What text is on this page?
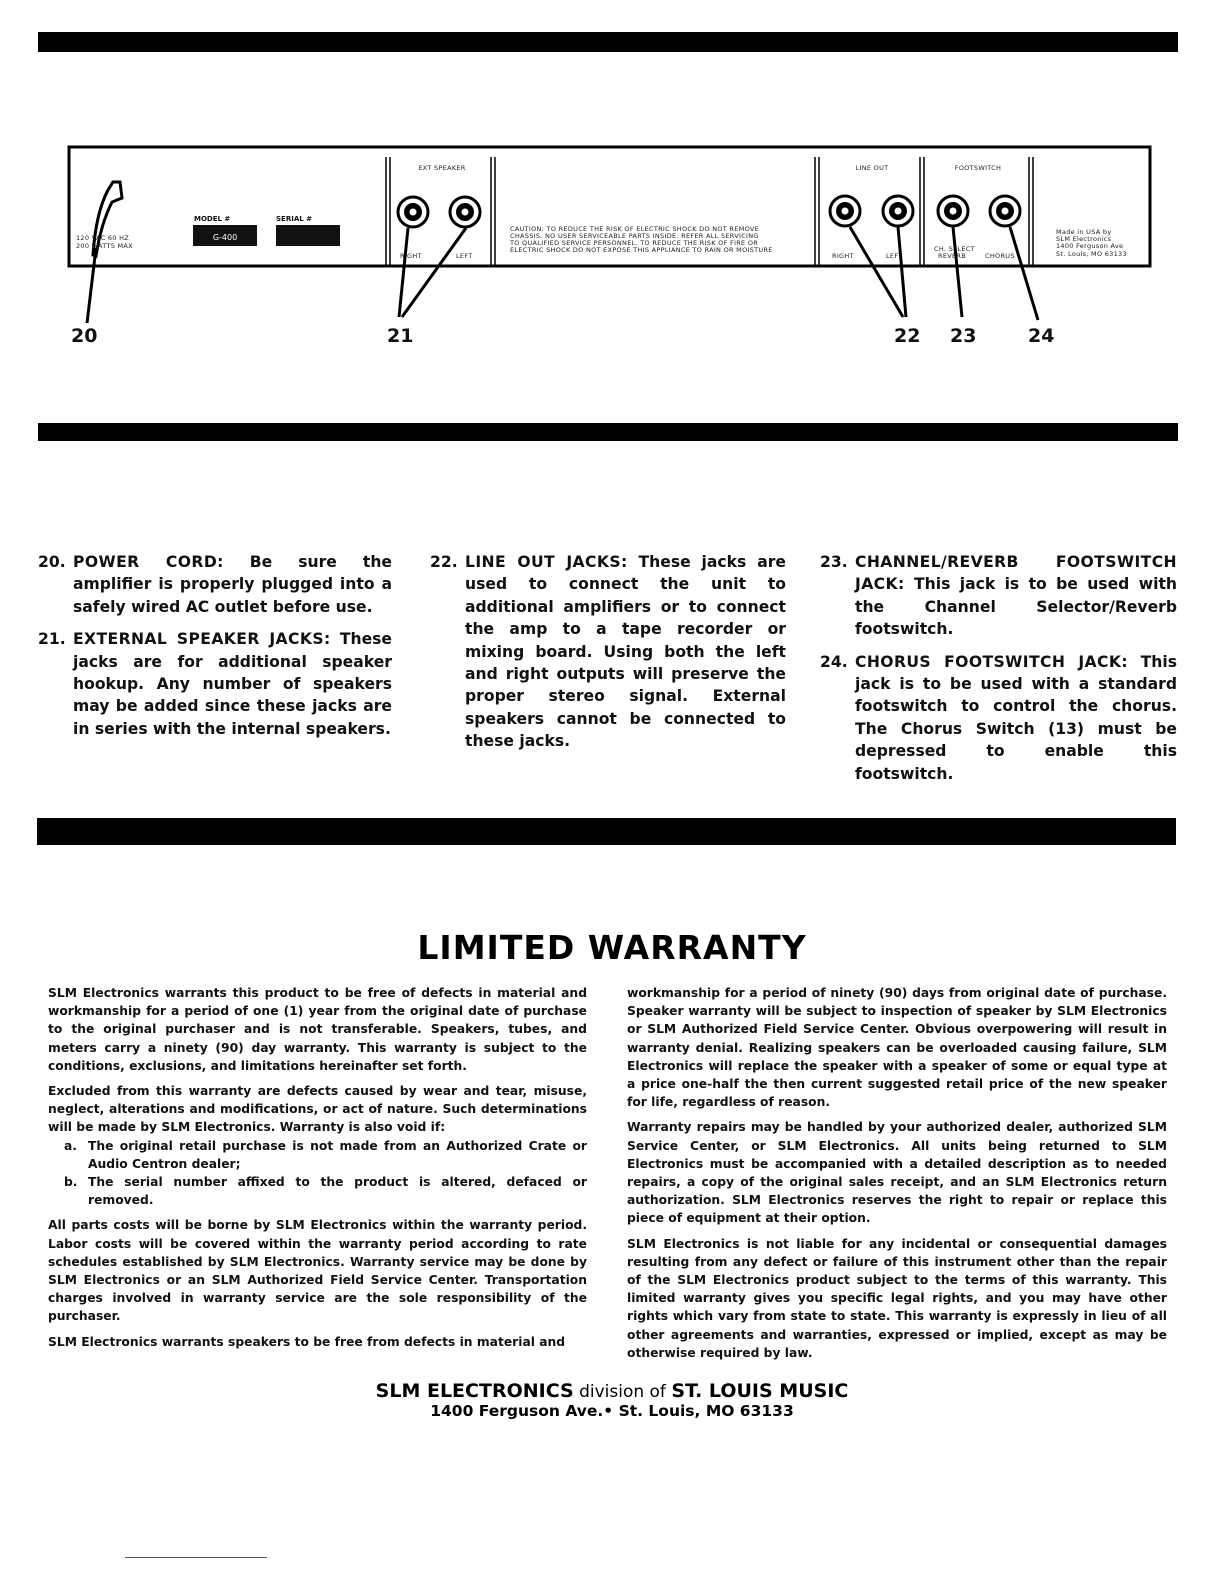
120 VAC 60 HZ
200 WATTS MAX
MODEL #
G-400
SERIAL #
EXT SPEAKER
RIGHT	LEFT
CAUTION: TO REDUCE THE RISK OF ELECTRIC SHOCK DO NOT REMOVE
CHASSIS. NO USER SERVICEABLE PARTS INSIDE. REFER ALL SERVICING
TO QUALIFIED SERVICE PERSONNEL. TO REDUCE THE RISK OF FIRE OR
ELECTRIC SHOCK DO NOT EXPOSE THIS APPLIANCE TO RAIN OR MOISTURE
LINE OUT
RIGHT	LEFT
FOOTSWITCH
CH. SELECT
REVERB	CHORUS
Made in USA by
SLM Electronics
1400 Ferguson Ave
St. Louis, MO 63133
20	21	22 23	24
20. POWER CORD: Be sure the amplifier is properly plugged into a safely wired AC outlet before use.
21. EXTERNAL SPEAKER JACKS: These jacks are for additional speaker hookup. Any number of speakers may be added since these jacks are in series with the internal speakers.
22. LINE OUT JACKS: These jacks are used to connect the unit to additional amplifiers or to connect the amp to a tape recorder or mixing board. Using both the left and right outputs will preserve the proper stereo signal. External speakers cannot be connected to these jacks.
23. CHANNEL/REVERB FOOTSWITCH JACK: This jack is to be used with the Channel Selector/Reverb footswitch.
24. CHORUS FOOTSWITCH JACK: This jack is to be used with a standard footswitch to control the chorus. The Chorus Switch (13) must be depressed to enable this footswitch.
LIMITED WARRANTY

SLM Electronics warrants this product to be free of defects in material and workmanship for a period of one (1) year from the original date of purchase to the original purchaser and is not transferable. Speakers, tubes, and meters carry a ninety (90) day warranty. This warranty is subject to the conditions, exclusions, and limitations hereinafter set forth.

Excluded from this warranty are defects caused by wear and tear, misuse, neglect, alterations and modifications, or act of nature. Such determinations will be made by SLM Electronics. Warranty is also void if:

a. The original retail purchase is not made from an Authorized Crate or Audio Centron dealer;
b. The serial number affixed to the product is altered, defaced or removed.

All parts costs will be borne by SLM Electronics within the warranty period. Labor costs will be covered within the warranty period according to rate schedules established by SLM Electronics. Warranty service may be done by SLM Electronics or an SLM Authorized Field Service Center. Transportation charges involved in warranty service are the sole responsibility of the purchaser.

SLM Electronics warrants speakers to be free from defects in material and

workmanship for a period of ninety (90) days from original date of purchase. Speaker warranty will be subject to inspection of speaker by SLM Electronics or SLM Authorized Field Service Center. Obvious overpowering will result in warranty denial. Realizing speakers can be overloaded causing failure, SLM Electronics will replace the speaker with a speaker of some or equal type at a price one-half the then current suggested retail price of the new speaker for life, regardless of reason.

Warranty repairs may be handled by your authorized dealer, authorized SLM Service Center, or SLM Electronics. All units being returned to SLM Electronics must be accompanied with a detailed description as to needed repairs, a copy of the original sales receipt, and an SLM Electronics return authorization. SLM Electronics reserves the right to repair or replace this piece of equipment at their option.

SLM Electronics is not liable for any incidental or consequential damages resulting from any defect or failure of this instrument other than the repair of the SLM Electronics product subject to the terms of this warranty. This limited warranty gives you specific legal rights, and you may have other rights which vary from state to state. This warranty is expressly in lieu of all other agreements and warranties, expressed or implied, except as may be otherwise required by law.

SLM ELECTRONICS division of ST. LOUIS MUSIC
1400 Ferguson Ave.• St. Louis, MO 63133
